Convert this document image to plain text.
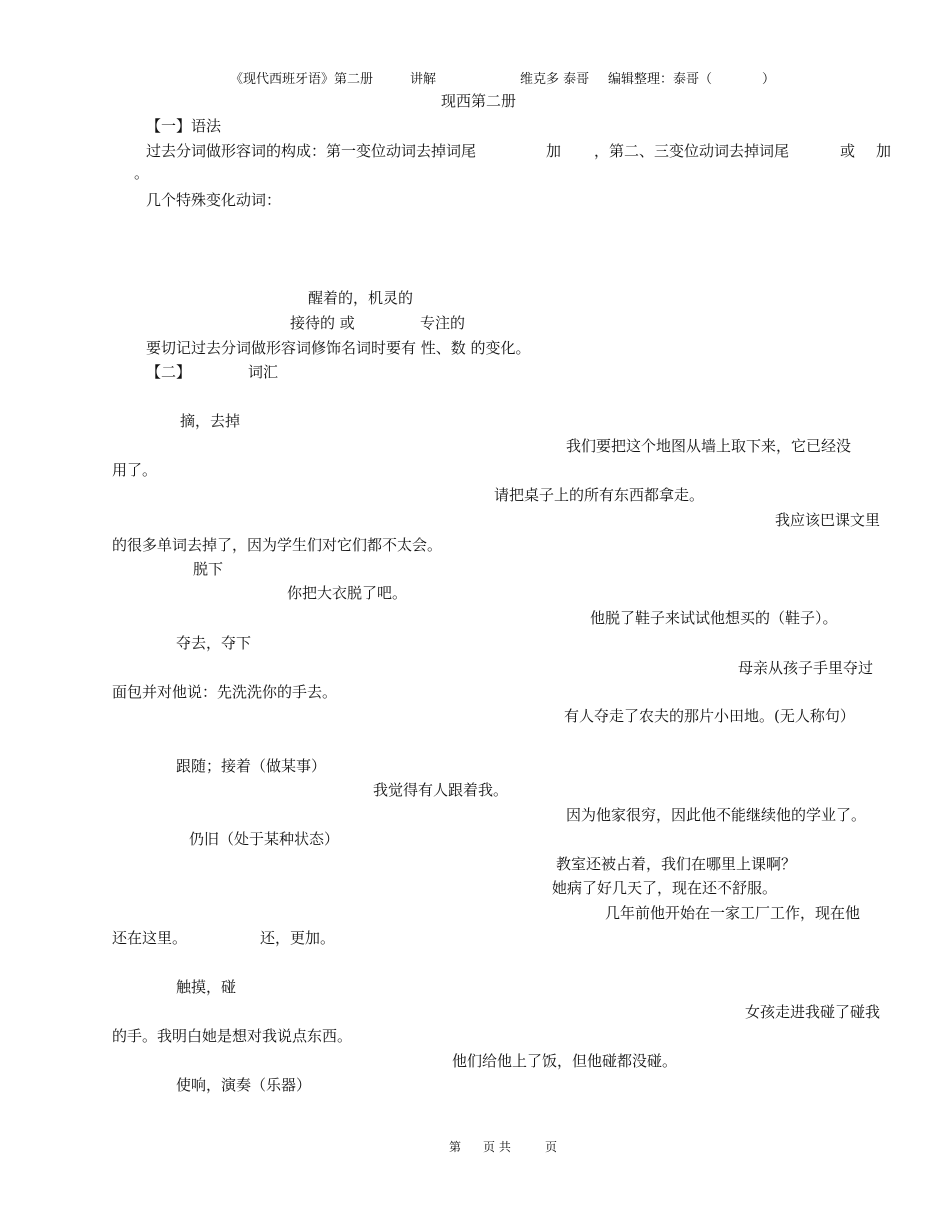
《现代西班牙语》第二册	讲解	维克多 泰哥 编辑整理：泰哥（	）
现西第二册
【一】语法
过去分词做形容词的构成：第一变位动词去掉词尾	加 ，第二、三变位动词去掉词尾	或 加
。
几个特殊变化动词：
醒着的，机灵的
接待的 或	专注的
要切记过去分词做形容词修饰名词时要有 性、数 的变化。
【二】	词汇
摘，去掉
我们要把这个地图从墙上取下来，它已经没
用了。
请把桌子上的所有东西都拿走。
我应该巴课文里
的很多单词去掉了，因为学生们对它们都不太会。
脱下
你把大衣脱了吧。
他脱了鞋子来试试他想买的（鞋子）。
夺去，夺下
母亲从孩子手里夺过
面包并对他说：先洗洗你的手去。
有人夺走了农夫的那片小田地。(无人称句）
跟随；接着（做某事）
我觉得有人跟着我。
因为他家很穷，因此他不能继续他的学业了。
仍旧（处于某种状态）
教室还被占着，我们在哪里上课啊？
她病了好几天了，现在还不舒服。
几年前他开始在一家工厂工作，现在他
还在这里。	还，更加。
触摸，碰
女孩走进我碰了碰我
的手。我明白她是想对我说点东西。
他们给他上了饭，但他碰都没碰。
使响，演奏（乐器）
第 页 共	页
